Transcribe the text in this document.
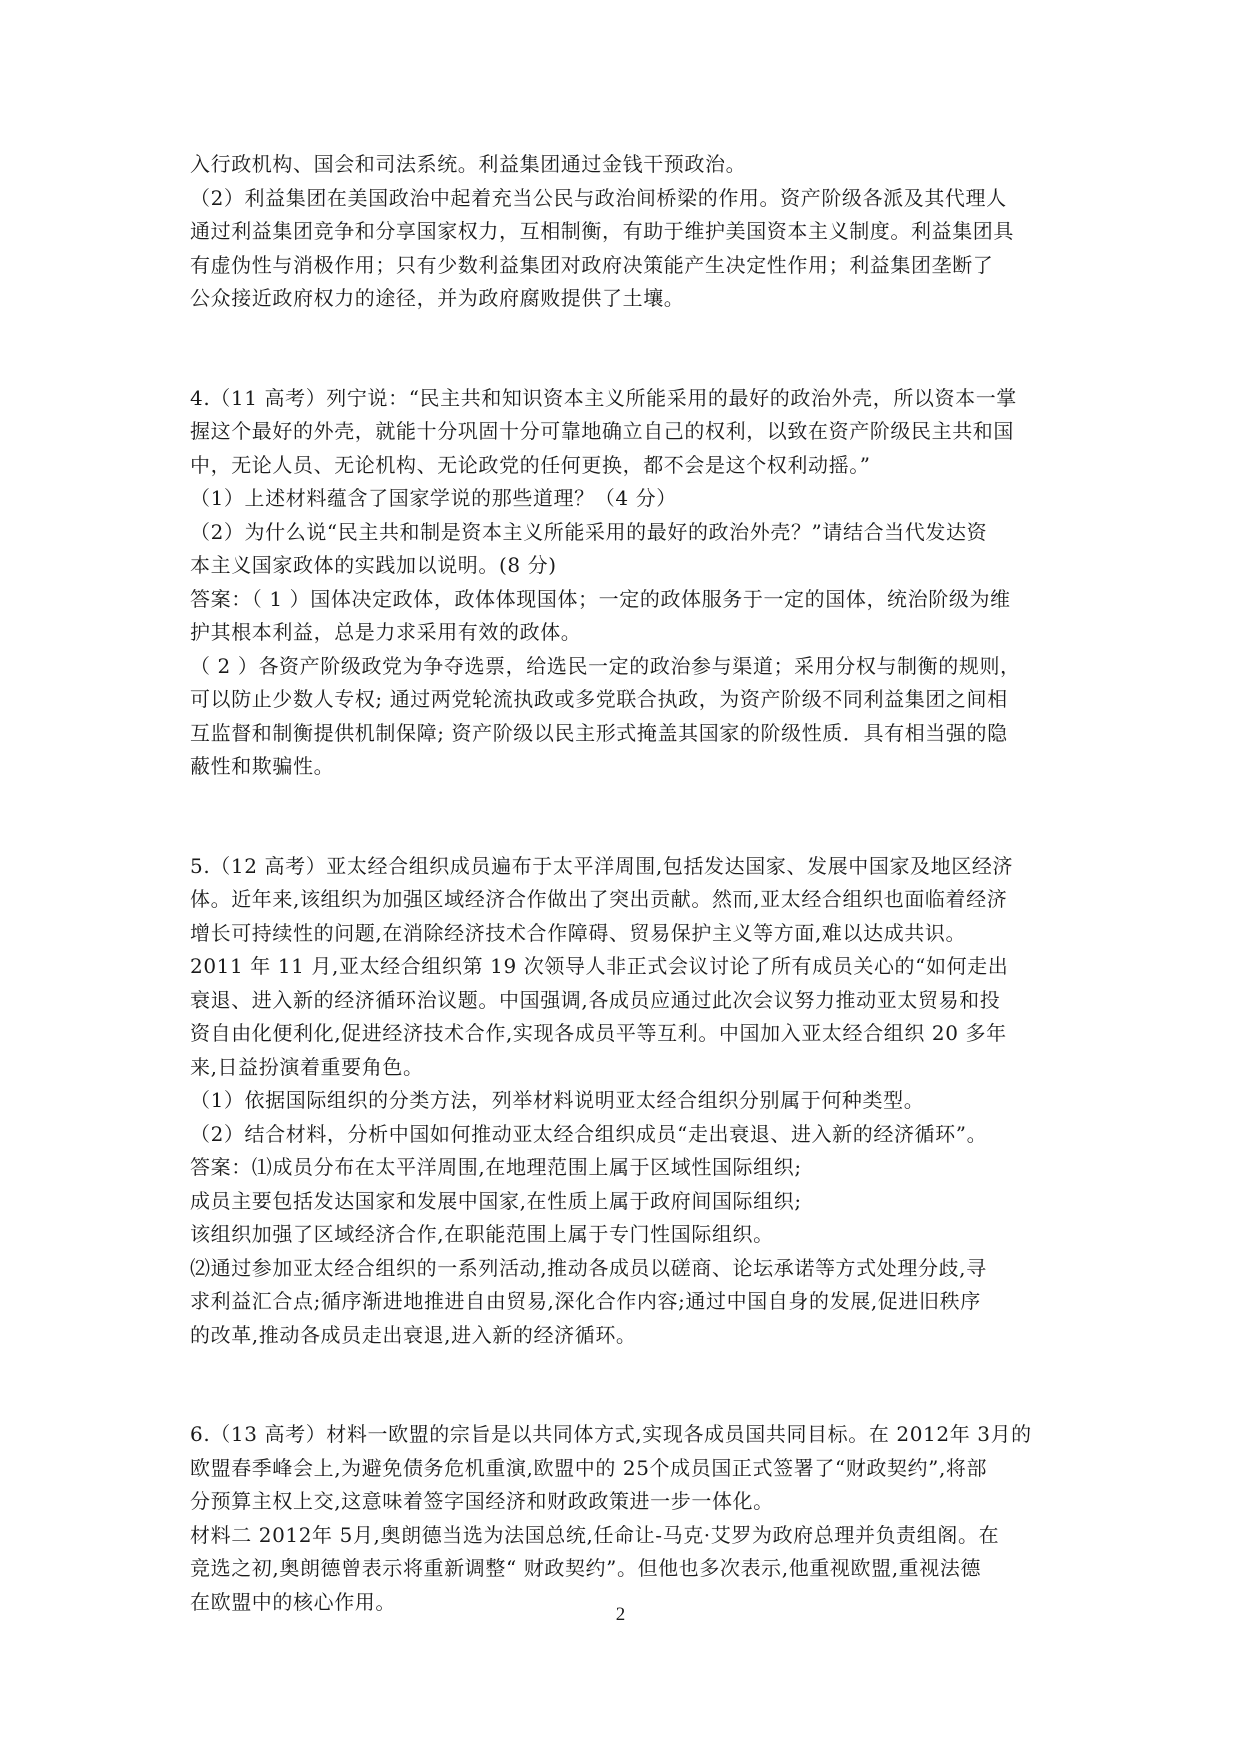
入行政机构、国会和司法系统。利益集团通过金钱干预政治。
（2）利益集团在美国政治中起着充当公民与政治间桥梁的作用。资产阶级各派及其代理人
通过利益集团竞争和分享国家权力，互相制衡，有助于维护美国资本主义制度。利益集团具
有虚伪性与消极作用；只有少数利益集团对政府决策能产生决定性作用；利益集团垄断了
公众接近政府权力的途径，并为政府腐败提供了土壤。
4.（11 高考）列宁说：“民主共和知识资本主义所能采用的最好的政治外壳，所以资本一掌
握这个最好的外壳，就能十分巩固十分可靠地确立自己的权利，以致在资产阶级民主共和国
中，无论人员、无论机构、无论政党的任何更换，都不会是这个权利动摇。”
（1）上述材料蕴含了国家学说的那些道理？（4 分）
（2）为什么说“民主共和制是资本主义所能采用的最好的政治外壳？”请结合当代发达资
本主义国家政体的实践加以说明。(8 分)
答案：（ 1 ）国体决定政体，政体体现国体；一定的政体服务于一定的国体，统治阶级为维
护其根本利益，总是力求采用有效的政体。
（ 2 ）各资产阶级政党为争夺选票，给选民一定的政治参与渠道；采用分权与制衡的规则，
可以防止少数人专权; 通过两党轮流执政或多党联合执政，为资产阶级不同利益集团之间相
互监督和制衡提供机制保障; 资产阶级以民主形式掩盖其国家的阶级性质．具有相当强的隐
蔽性和欺骗性。
5.（12 高考）亚太经合组织成员遍布于太平洋周围,包括发达国家、发展中国家及地区经济
体。近年来,该组织为加强区域经济合作做出了突出贡献。然而,亚太经合组织也面临着经济
增长可持续性的问题,在消除经济技术合作障碍、贸易保护主义等方面,难以达成共识。
2011 年 11 月,亚太经合组织第 19 次领导人非正式会议讨论了所有成员关心的“如何走出
衰退、进入新的经济循环治议题。中国强调,各成员应通过此次会议努力推动亚太贸易和投
资自由化便利化,促进经济技术合作,实现各成员平等互利。中国加入亚太经合组织 20 多年
来,日益扮演着重要角色。
（1）依据国际组织的分类方法，列举材料说明亚太经合组织分别属于何种类型。
（2）结合材料，分析中国如何推动亚太经合组织成员“走出衰退、进入新的经济循环”。
答案：⑴成员分布在太平洋周围,在地理范围上属于区域性国际组织;
成员主要包括发达国家和发展中国家,在性质上属于政府间国际组织;
该组织加强了区域经济合作,在职能范围上属于专门性国际组织。
⑵通过参加亚太经合组织的一系列活动,推动各成员以磋商、论坛承诺等方式处理分歧,寻
求利益汇合点;循序渐进地推进自由贸易,深化合作内容;通过中国自身的发展,促进旧秩序
的改革,推动各成员走出衰退,进入新的经济循环。
6.（13 高考）材料一欧盟的宗旨是以共同体方式,实现各成员国共同目标。在 2012年 3月的
欧盟春季峰会上,为避免债务危机重演,欧盟中的 25个成员国正式签署了“财政契约”,将部
分预算主权上交,这意味着签字国经济和财政政策进一步一体化。
材料二 2012年 5月,奥朗德当选为法国总统,任命让-马克·艾罗为政府总理并负责组阁。在
竞选之初,奥朗德曾表示将重新调整“ 财政契约”。但他也多次表示,他重视欧盟,重视法德
在欧盟中的核心作用。
2
